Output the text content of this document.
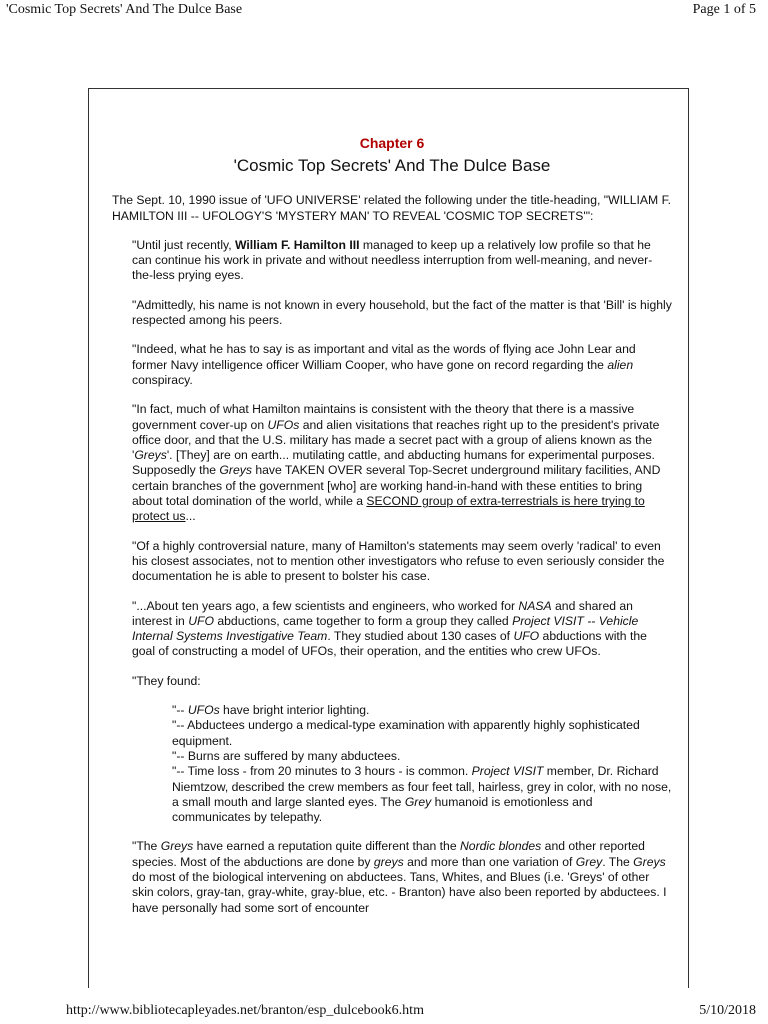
'Cosmic Top Secrets' And The Dulce Base	Page 1 of 5
Chapter 6
'Cosmic Top Secrets' And The Dulce Base

The Sept. 10, 1990 issue of 'UFO UNIVERSE' related the following under the title-heading, "WILLIAM F. HAMILTON III -- UFOLOGY'S 'MYSTERY MAN' TO REVEAL 'COSMIC TOP SECRETS'":

"Until just recently, William F. Hamilton III managed to keep up a relatively low profile so that he can continue his work in private and without needless interruption from well-meaning, and never-the-less prying eyes.

"Admittedly, his name is not known in every household, but the fact of the matter is that 'Bill' is highly respected among his peers.

"Indeed, what he has to say is as important and vital as the words of flying ace John Lear and former Navy intelligence officer William Cooper, who have gone on record regarding the alien conspiracy.

"In fact, much of what Hamilton maintains is consistent with the theory that there is a massive government cover-up on UFOs and alien visitations that reaches right up to the president's private office door, and that the U.S. military has made a secret pact with a group of aliens known as the 'Greys'. [They] are on earth... mutilating cattle, and abducting humans for experimental purposes. Supposedly the Greys have TAKEN OVER several Top-Secret underground military facilities, AND certain branches of the government [who] are working hand-in-hand with these entities to bring about total domination of the world, while a SECOND group of extra-terrestrials is here trying to protect us...

"Of a highly controversial nature, many of Hamilton's statements may seem overly 'radical' to even his closest associates, not to mention other investigators who refuse to even seriously consider the documentation he is able to present to bolster his case.

"...About ten years ago, a few scientists and engineers, who worked for NASA and shared an interest in UFO abductions, came together to form a group they called Project VISIT -- Vehicle Internal Systems Investigative Team. They studied about 130 cases of UFO abductions with the goal of constructing a model of UFOs, their operation, and the entities who crew UFOs.

"They found:

"-- UFOs have bright interior lighting.
"-- Abductees undergo a medical-type examination with apparently highly sophisticated equipment.
"-- Burns are suffered by many abductees.
"-- Time loss - from 20 minutes to 3 hours - is common. Project VISIT member, Dr. Richard Niemtzow, described the crew members as four feet tall, hairless, grey in color, with no nose, a small mouth and large slanted eyes. The Grey humanoid is emotionless and communicates by telepathy.

"The Greys have earned a reputation quite different than the Nordic blondes and other reported species. Most of the abductions are done by greys and more than one variation of Grey. The Greys do most of the biological intervening on abductees. Tans, Whites, and Blues (i.e. 'Greys' of other skin colors, gray-tan, gray-white, gray-blue, etc. - Branton) have also been reported by abductees. I have personally had some sort of encounter

http://www.bibliotecapleyades.net/branton/esp_dulcebook6.htm	5/10/2018
